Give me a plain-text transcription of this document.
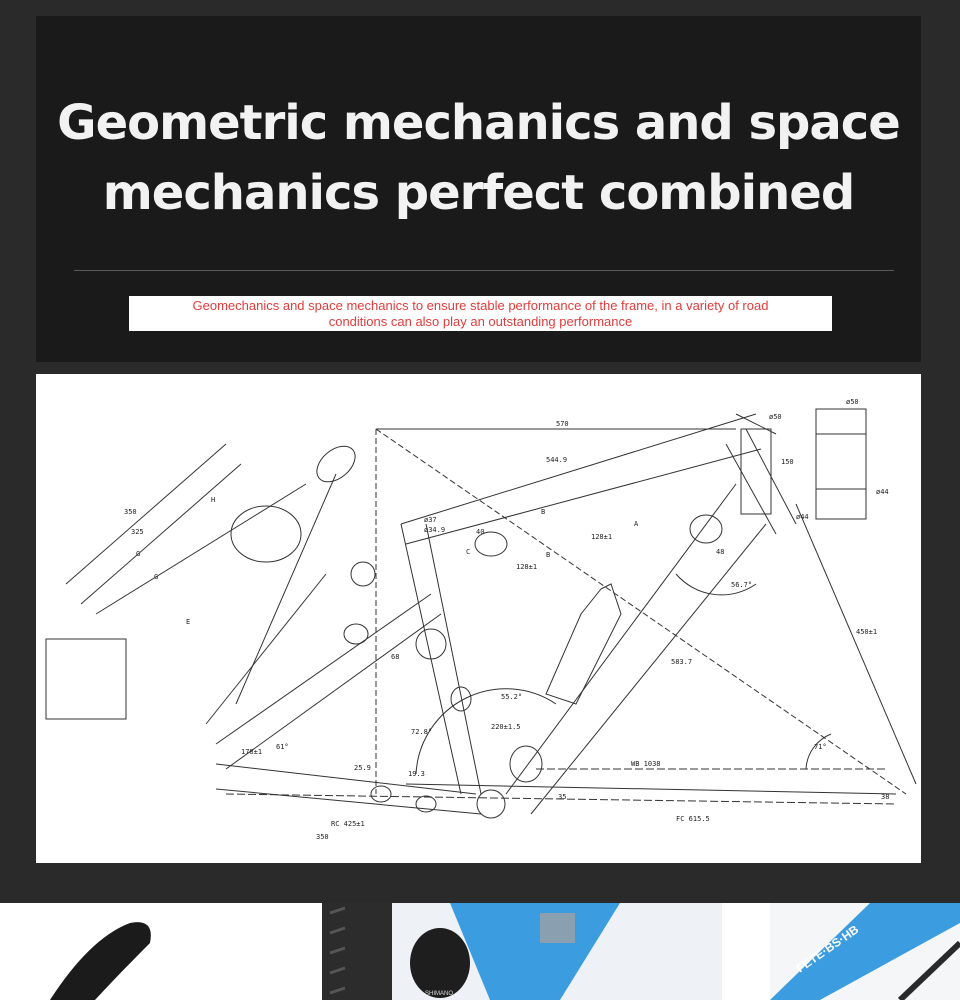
Geometric mechanics and space
mechanics perfect combined
Geomechanics and space mechanics to ensure stable performance of the frame, in a variety of road
conditions can also play an outstanding performance
570
544.9
ø50
ø50
150
ø44
ø44
ø37
ø34.9	40
128±1
128±1
48
56.7°
583.7
450±1
71°
WB 1038
FC 615.5
RC 425±1
350
350
325
178±1
61°
55.2°
72.8°
220±1.5
19.3
25.9
38
35
68
A
B
B
C
E
G
G
H
SHIMANO
FETE·BS·HB
